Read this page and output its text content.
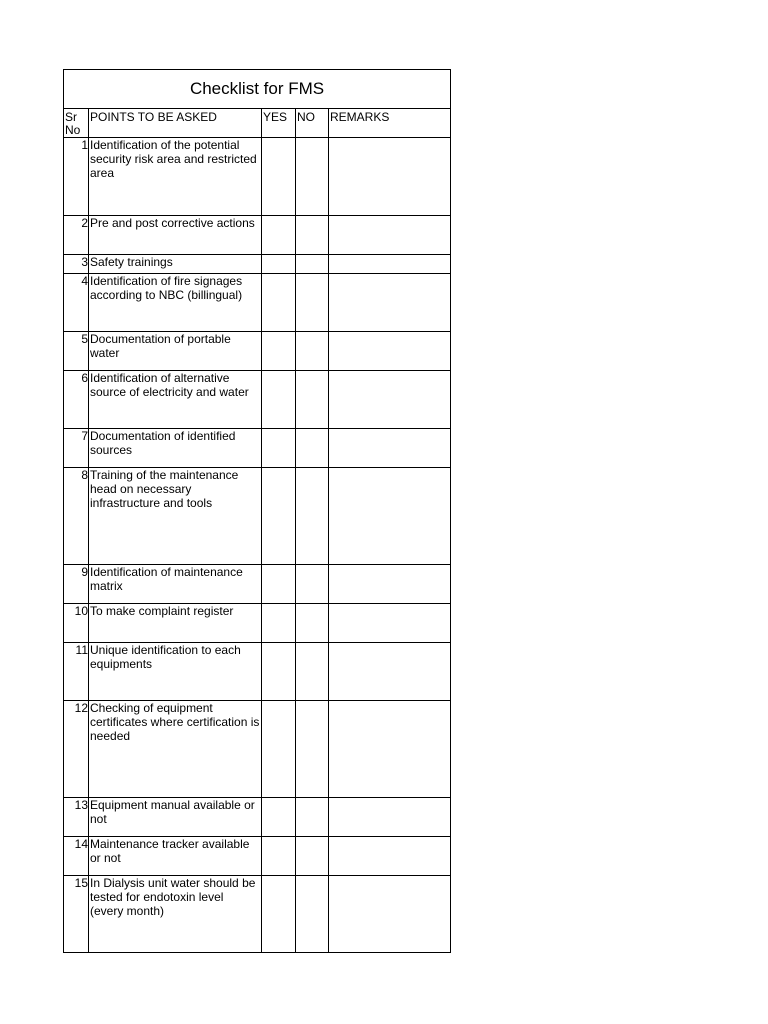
Checklist for FMS				
Sr No	POINTS TO BE ASKED	YES	NO	REMARKS
1	Identification of the potential security risk area and restricted area			
2	Pre and post corrective actions			
3	Safety trainings			
4	Identification of fire signages according to NBC (billingual)			
5	Documentation of portable water			
6	Identification of alternative source of electricity and water			
7	Documentation of identified sources			
8	Training of the maintenance head on necessary infrastructure and tools			
9	Identification of maintenance matrix			
10	To make complaint register			
11	Unique identification to each equipments			
12	Checking of equipment certificates where certification is needed			
13	Equipment manual available or not			
14	Maintenance tracker available or not			
15	In Dialysis unit water should be tested for endotoxin level (every month)			
